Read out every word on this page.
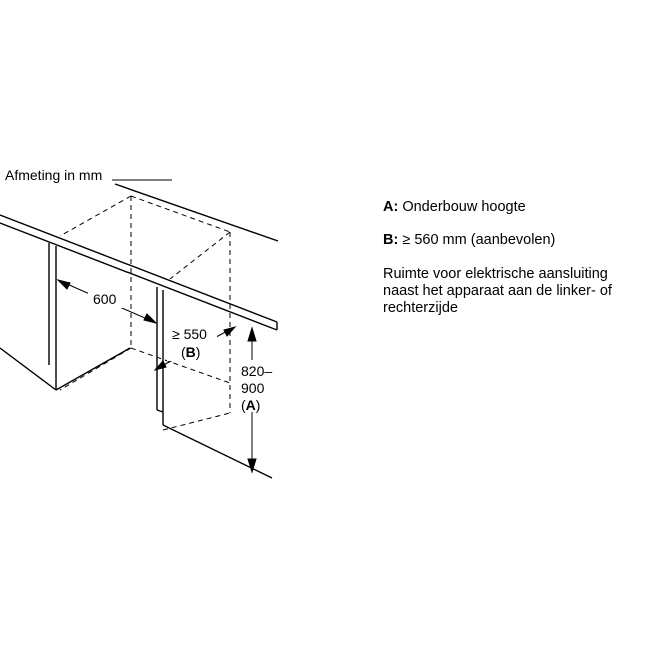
Afmeting in mm
600
≥ 550
(B)
820–
900
(A)
A: Onderbouw hoogte
B: ≥ 560 mm (aanbevolen)
Ruimte voor elektrische aansluiting
naast het apparaat aan de linker- of
rechterzijde
